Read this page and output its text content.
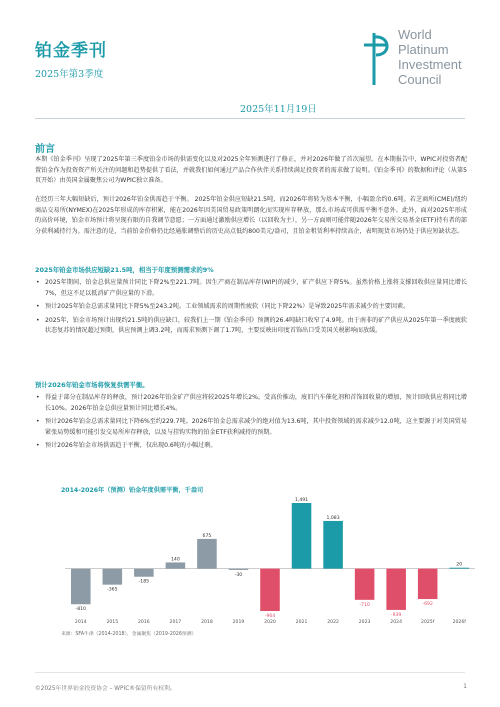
铂金季刊
2025年第3季度
2025年11月19日
World
Platinum
Investment
Council
前言
本期《铂金季刊》呈现了2025年第三季度铂金市场的供需变化以及对2025全年预测进行了修正，并对2026年做了首次展望。在本期报告中，WPIC对投资者配置铂金作为投资资产所关注的问题和趋势提供了看法，并就我们如何通过产品合作伙伴关系持续满足投资者的需求做了说明。《铂金季刊》的数据和评论（从第5页开始）由英国金属聚焦公司为WPIC独立准备。
在经历三年大幅短缺后，预计2026年铂金供需趋于平衡。 2025年铂金供应短缺21.5吨，而2026年将转为基本平衡，小幅盈余约0.6吨。若芝商所(CME)/纽约商品交易所(NYMEX)在2025年形成的库存积累，能在2026年因美国贸易政策明朗化而实现库存释放，那么市场或可供需平衡不意外。此外，面对2025年形成的高价环境，铂金市场预计将呈现有限的自我调节意愿；一方面通过激励供应增长（以回收为主），另一方面则可能伴随2026年交易所交易基金(ETF)持有者的部分获利减持行为。需注意的是，当前铂金价格仍比经通胀调整后的历史高点低约800美元/盎司，且铂金租赁利率持续高企，表明现货市场仍处于供应短缺状态。
2025年铂金市场供应短缺21.5吨，相当于年度预测需求的9%
• 2025年期间，铂金总供应量预计同比下降2%至221.7吨。因生产商在制品库存(WIP)的减少，矿产供应下降5%。虽然价格上涨将支撑回收供应量同比增长7%，但这不足以抵消矿产供应量的下滑。
• 预计2025年铂金总需求量同比下降5%至243.2吨。工业领域需求的周期性疲软（同比下降22%）是导致2025年需求减少的主要因素。
• 2025年，铂金市场预计出现约21.5吨的供应缺口，较我们上一期《铂金季刊》预测的26.4吨缺口收窄了4.9吨。由于南非的矿产供应从2025年第一季度疲软状态复苏的情况超过预期，供应预测上调3.2吨，而需求预测下调了1.7吨，主要反映出印度首饰出口受美国关税影响而放缓。
预计2026年铂金市场将恢复供需平衡。
• 得益于部分在制品库存的释放，预计2026年铂金矿产供应将较2025年增长2%。受高价推动，废旧汽车催化剂和首饰回收量的增加，预计回收供应将同比增长10%。2026年铂金总供应量预计同比增长4%。
• 预计2026年铂金总需求量同比下降6%至约229.7吨。2026年铂金总需求减少的绝对值为13.6吨，其中投资领域的需求减少12.0吨，这主要源于对美国贸易紧张局势缓和可能引发交易所库存释放，以及与挂钩实物的铂金ETF获利减持的预期。
• 预计2026年铂金市场供需趋于平衡，仅出现0.6吨的小幅过剩。
2014-2026年（预测）铂金年度供需平衡，千盎司
-810
-365
-185
140
675
-30
-964
1,491
1,083
-710
-939
-692
20
2014	2015	2016	2017	2018	2019	2020	2021	2022	2023	2024	2025f	2026f
来源：SFA牛津（2014-2018），金属聚焦（2019-2026预测）
©2025年世界铂金投资协会 – WPIC®保留所有权利。	1
